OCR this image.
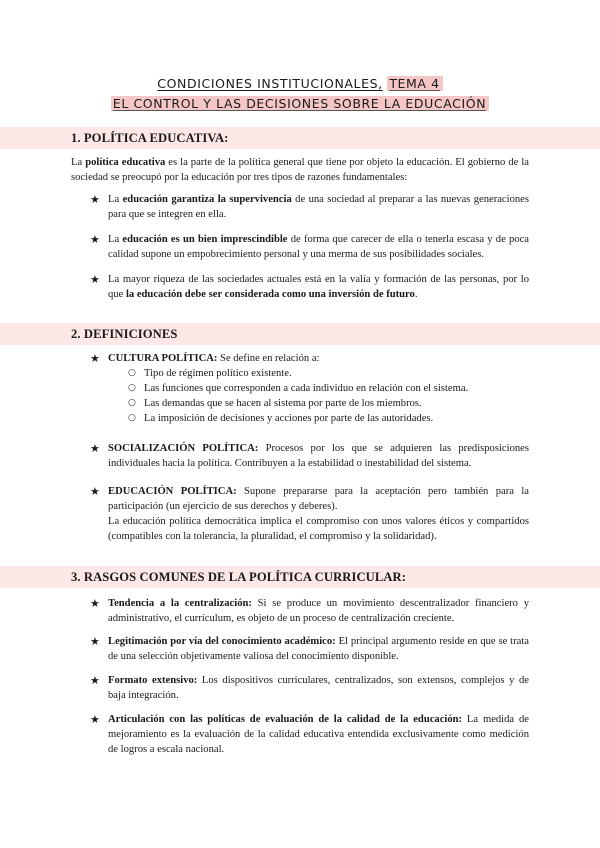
CONDICIONES INSTITUCIONALES, TEMA 4
EL CONTROL Y LAS DECISIONES SOBRE LA EDUCACIÓN
1. POLÍTICA EDUCATIVA:
La política educativa es la parte de la política general que tiene por objeto la educación. El gobierno de la sociedad se preocupó por la educación por tres tipos de razones fundamentales:
★ La educación garantiza la supervivencia de una sociedad al preparar a las nuevas generaciones para que se integren en ella.
★ La educación es un bien imprescindible de forma que carecer de ella o tenerla escasa y de poca calidad supone un empobrecimiento personal y una merma de sus posibilidades sociales.
★ La mayor riqueza de las sociedades actuales está en la valía y formación de las personas, por lo que la educación debe ser considerada como una inversión de futuro.
2. DEFINICIONES
★ CULTURA POLÍTICA: Se define en relación a:
○ Tipo de régimen político existente.
○ Las funciones que corresponden a cada individuo en relación con el sistema.
○ Las demandas que se hacen al sistema por parte de los miembros.
○ La imposición de decisiones y acciones por parte de las autoridades.
★ SOCIALIZACIÓN POLÍTICA: Procesos por los que se adquieren las predisposiciones individuales hacia la política. Contribuyen a la estabilidad o inestabilidad del sistema.
★ EDUCACIÓN POLÍTICA: Supone prepararse para la aceptación pero también para la participación (un ejercicio de sus derechos y deberes).
La educación política democrática implica el compromiso con unos valores éticos y compartidos (compatibles con la tolerancia, la pluralidad, el compromiso y la solidaridad).
3. RASGOS COMUNES DE LA POLÍTICA CURRICULAR:
★ Tendencia a la centralización: Si se produce un movimiento descentralizador financiero y administrativo, el currículum, es objeto de un proceso de centralización creciente.
★ Legitimación por vía del conocimiento académico: El principal argumento reside en que se trata de una selección objetivamente valiosa del conocimiento disponible.
★ Formato extensivo: Los dispositivos curriculares, centralizados, son extensos, complejos y de baja integración.
★ Articulación con las políticas de evaluación de la calidad de la educación: La medida de mejoramiento es la evaluación de la calidad educativa entendida exclusivamente como medición de logros a escala nacional.
